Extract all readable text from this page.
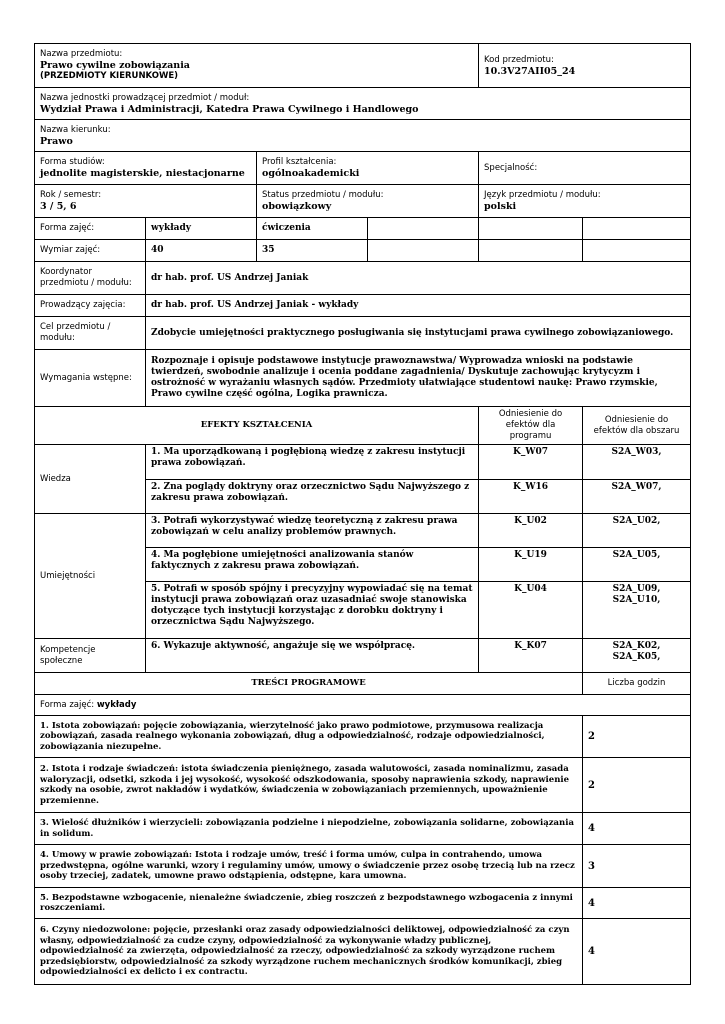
Nazwa przedmiotu:
Prawo cywilne zobowiązania
(PRZEDMIOTY KIERUNKOWE)				Kod przedmiotu:
10.3V27AII05_24	

Nazwa jednostki prowadzącej przedmiot / moduł:
Wydział Prawa i Administracji, Katedra Prawa Cywilnego i Handlowego					

Nazwa kierunku:
Prawo					

Forma studiów:
jednolite magisterskie, niestacjonarne		Profil kształcenia:
ogólnoakademicki		Specjalność:	

Rok / semestr:
3 / 5, 6		Status przedmiotu / modułu:
obowiązkowy		Język przedmiotu / modułu:
polski	

Forma zajęć:	wykłady	ćwiczenia			
Wymiar zajęć:	40	35			
Koordynator przedmiotu / modułu:	dr hab. prof. US Andrzej Janiak				
Prowadzący zajęcia:	dr hab. prof. US Andrzej Janiak - wykłady				
Cel przedmiotu / modułu:	Zdobycie umiejętności praktycznego posługiwania się instytucjami prawa cywilnego zobowiązaniowego.				
Wymagania wstępne:	Rozpoznaje i opisuje podstawowe instytucje prawoznawstwa/ Wyprowadza wnioski na podstawie twierdzeń, swobodnie analizuje i ocenia poddane zagadnienia/ Dyskutuje zachowując krytycyzm i ostrożność w wyrażaniu własnych sądów. Przedmioty ułatwiające studentowi naukę: Prawo rzymskie, Prawo cywilne część ogólna, Logika prawnicza.				
EFEKTY KSZTAŁCENIA				Odniesienie do efektów dla programu	Odniesienie do efektów dla obszaru
Wiedza	1. Ma uporządkowaną i pogłębioną wiedzę z zakresu instytucji prawa zobowiązań.			K_W07	S2A_W03,
	2. Zna poglądy doktryny oraz orzecznictwo Sądu Najwyższego z zakresu prawa zobowiązań.			K_W16	S2A_W07,
Umiejętności	3. Potrafi wykorzystywać wiedzę teoretyczną z zakresu prawa zobowiązań w celu analizy problemów prawnych.			K_U02	S2A_U02,
	4. Ma pogłębione umiejętności analizowania stanów faktycznych z zakresu prawa zobowiązań.			K_U19	S2A_U05,
	5. Potrafi w sposób spójny i precyzyjny wypowiadać się na temat instytucji prawa zobowiązań oraz uzasadniać swoje stanowiska dotyczące tych instytucji korzystając z dorobku doktryny i orzecznictwa Sądu Najwyższego.			K_U04	S2A_U09,
S2A_U10,

Kompetencje społeczne	6. Wykazuje aktywność, angażuje się we współpracę.			K_K07	S2A_K02,
S2A_K05,

TREŚCI PROGRAMOWE					Liczba godzin
Forma zajęć: wykłady					
1. Istota zobowiązań: pojęcie zobowiązania, wierzytelność jako prawo podmiotowe, przymusowa realizacja zobowiązań, zasada realnego wykonania zobowiązań, dług a odpowiedzialność, rodzaje odpowiedzialności, zobowiązania niezupełne.					2
2. Istota i rodzaje świadczeń: istota świadczenia pieniężnego, zasada walutowości, zasada nominalizmu, zasada waloryzacji, odsetki, szkoda i jej wysokość, wysokość odszkodowania, sposoby naprawienia szkody, naprawienie szkody na osobie, zwrot nakładów i wydatków, świadczenia w zobowiązaniach przemiennych, upoważnienie przemienne.					2
3. Wielość dłużników i wierzycieli: zobowiązania podzielne i niepodzielne, zobowiązania solidarne, zobowiązania in solidum.					4
4. Umowy w prawie zobowiązań: Istota i rodzaje umów, treść i forma umów, culpa in contrahendo, umowa przedwstępna, ogólne warunki, wzory i regulaminy umów, umowy o świadczenie przez osobę trzecią lub na rzecz osoby trzeciej, zadatek, umowne prawo odstąpienia, odstępne, kara umowna.					3
5. Bezpodstawne wzbogacenie, nienależne świadczenie, zbieg roszczeń z bezpodstawnego wzbogacenia z innymi roszczeniami.					4
6. Czyny niedozwolone: pojęcie, przesłanki oraz zasady odpowiedzialności deliktowej, odpowiedzialność za czyn własny, odpowiedzialność za cudze czyny, odpowiedzialność za wykonywanie władzy publicznej, odpowiedzialność za zwierzęta, odpowiedzialność za rzeczy, odpowiedzialność za szkody wyrządzone ruchem przedsiębiorstw, odpowiedzialność za szkody wyrządzone ruchem mechanicznych środków komunikacji, zbieg odpowiedzialności ex delicto i ex contractu.					4
